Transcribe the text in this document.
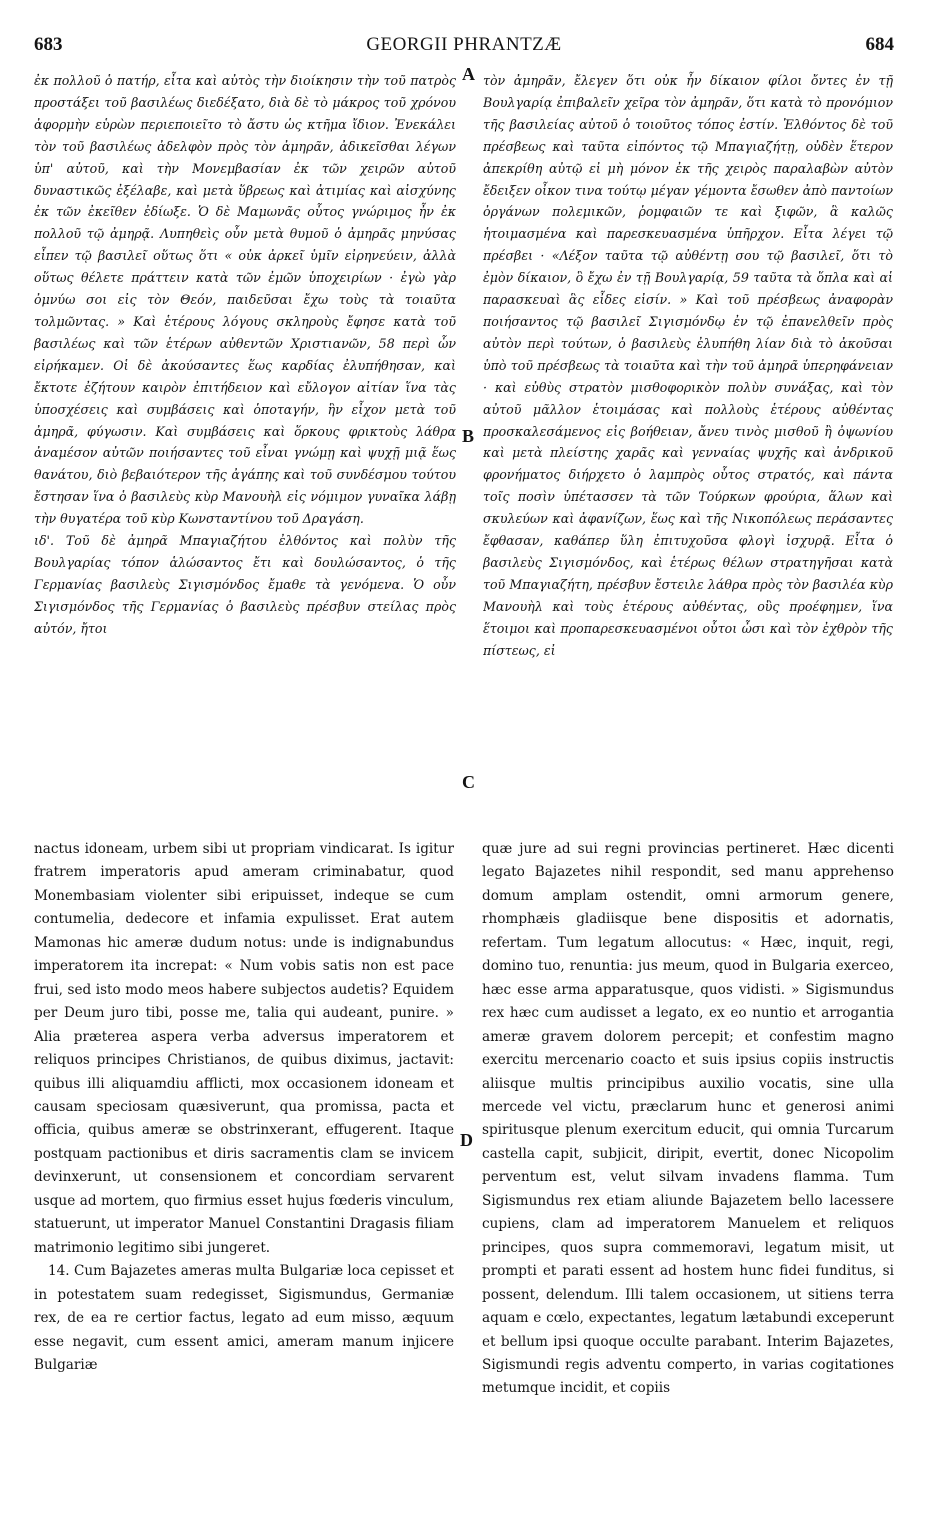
683	GEORGII PHRANTZÆ	684

ἐκ πολλοῦ ὁ πατήρ, εἶτα καὶ αὐτὸς τὴν διοίκησιν τὴν τοῦ πατρὸς προστάξει τοῦ βασιλέως διεδέξατο, διὰ δὲ τὸ μάκρος τοῦ χρόνου ἀφορμὴν εὑρὼν περιεποιεῖτο τὸ ἄστυ ὡς κτῆμα ἴδιον. Ἐνεκάλει τὸν τοῦ βασιλέως ἀδελφὸν πρὸς τὸν ἀμηρᾶν, ἀδικεῖσθαι λέγων ὑπ' αὐτοῦ, καὶ τὴν Μονεμβασίαν ἐκ τῶν χειρῶν αὐτοῦ δυναστικῶς ἐξέλαβε, καὶ μετὰ ὕβρεως καὶ ἀτιμίας καὶ αἰσχύνης ἐκ τῶν ἐκεῖθεν ἐδίωξε. Ὁ δὲ Μαμωνᾶς οὗτος γνώριμος ἦν ἐκ πολλοῦ τῷ ἀμηρᾷ. Λυπηθεὶς οὖν μετὰ θυμοῦ ὁ ἀμηρᾶς μηνύσας εἶπεν τῷ βασιλεῖ οὕτως ὅτι « οὐκ ἀρκεῖ ὑμῖν εἰρηνεύειν, ἀλλὰ οὕτως θέλετε πράττειν κατὰ τῶν ἐμῶν ὑποχειρίων · ἐγὼ γὰρ ὀμνύω σοι εἰς τὸν Θεόν, παιδεῦσαι ἔχω τοὺς τὰ τοιαῦτα τολμῶντας. » Καὶ ἑτέρους λόγους σκληροὺς ἔφησε κατὰ τοῦ βασιλέως καὶ τῶν ἑτέρων αὐθεντῶν Χριστιανῶν, 58 περὶ ὧν εἰρήκαμεν. Οἱ δὲ ἀκούσαντες ἕως καρδίας ἐλυπήθησαν, καὶ ἔκτοτε ἐζήτουν καιρὸν ἐπιτήδειον καὶ εὔλογον αἰτίαν ἵνα τὰς ὑποσχέσεις καὶ συμβάσεις καὶ ὁποταγήν, ἣν εἶχον μετὰ τοῦ ἀμηρᾶ, φύγωσιν. Καὶ συμβάσεις καὶ ὅρκους φρικτοὺς λάθρα ἀναμέσον αὐτῶν ποιήσαντες τοῦ εἶναι γνώμῃ καὶ ψυχῇ μιᾷ ἕως θανάτου, διὸ βεβαιότερον τῆς ἀγάπης καὶ τοῦ συνδέσμου τούτου ἔστησαν ἵνα ὁ βασιλεὺς κὺρ Μανουὴλ εἰς νόμιμον γυναῖκα λάβῃ τὴν θυγατέρα τοῦ κὺρ Κωνσταντίνου τοῦ Δραγάση.

ιδ'. Τοῦ δὲ ἀμηρᾶ Μπαγιαζήτου ἐλθόντος καὶ πολὺν τῆς Βουλγαρίας τόπον ἁλώσαντος ἔτι καὶ δουλώσαντος, ὁ τῆς Γερμανίας βασιλεὺς Σιγισμόνδος ἔμαθε τὰ γενόμενα. Ὁ οὖν Σιγισμόνδος τῆς Γερμανίας ὁ βασιλεὺς πρέσβυν στείλας πρὸς αὐτόν, ἤτοι

τὸν ἀμηρᾶν, ἔλεγεν ὅτι οὐκ ἦν δίκαιον φίλοι ὄντες ἐν τῇ Βουλγαρίᾳ ἐπιβαλεῖν χεῖρα τὸν ἀμηρᾶν, ὅτι κατὰ τὸ προνόμιον τῆς βασιλείας αὐτοῦ ὁ τοιοῦτος τόπος ἐστίν. Ἐλθόντος δὲ τοῦ πρέσβεως καὶ ταῦτα εἰπόντος τῷ Μπαγιαζήτῃ, οὐδὲν ἕτερον ἀπεκρίθη αὐτῷ εἰ μὴ μόνον ἐκ τῆς χειρὸς παραλαβὼν αὐτὸν ἔδειξεν οἶκον τινα τούτῳ μέγαν γέμοντα ἔσωθεν ἀπὸ παντοίων ὀργάνων πολεμικῶν, ῥομφαιῶν τε καὶ ξιφῶν, ἃ καλῶς ἡτοιμασμένα καὶ παρεσκευασμένα ὑπῆρχον. Εἶτα λέγει τῷ πρέσβει · «Λέξον ταῦτα τῷ αὐθέντῃ σου τῷ βασιλεῖ, ὅτι τὸ ἐμὸν δίκαιον, ὃ ἔχω ἐν τῇ Βουλγαρίᾳ, 59 ταῦτα τὰ ὅπλα καὶ αἱ παρασκευαὶ ἃς εἶδες εἰσίν. » Καὶ τοῦ πρέσβεως ἀναφορὰν ποιήσαντος τῷ βασιλεῖ Σιγισμόνδῳ ἐν τῷ ἐπανελθεῖν πρὸς αὐτὸν περὶ τούτων, ὁ βασιλεὺς ἐλυπήθη λίαν διὰ τὸ ἀκοῦσαι ὑπὸ τοῦ πρέσβεως τὰ τοιαῦτα καὶ τὴν τοῦ ἀμηρᾶ ὑπερηφάνειαν · καὶ εὐθὺς στρατὸν μισθοφορικὸν πολὺν συνάξας, καὶ τὸν αὐτοῦ μᾶλλον ἑτοιμάσας καὶ πολλοὺς ἑτέρους αὐθέντας προσκαλεσάμενος εἰς βοήθειαν, ἄνευ τινὸς μισθοῦ ἢ ὀψωνίου καὶ μετὰ πλείστης χαρᾶς καὶ γενναίας ψυχῆς καὶ ἀνδρικοῦ φρονήματος διήρχετο ὁ λαμπρὸς οὗτος στρατός, καὶ πάντα τοῖς ποσὶν ὑπέτασσεν τὰ τῶν Τούρκων φρούρια, ἅλων καὶ σκυλεύων καὶ ἀφανίζων, ἕως καὶ τῆς Νικοπόλεως περάσαντες ἔφθασαν, καθάπερ ὕλη ἐπιτυχοῦσα φλογὶ ἰσχυρᾷ. Εἶτα ὁ βασιλεὺς Σιγισμόνδος, καὶ ἑτέρως θέλων στρατηγῆσαι κατὰ τοῦ Μπαγιαζήτη, πρέσβυν ἔστειλε λάθρα πρὸς τὸν βασιλέα κὺρ Μανουὴλ καὶ τοὺς ἑτέρους αὐθέντας, οὓς προέφημεν, ἵνα ἕτοιμοι καὶ προπαρεσκευασμένοι οὗτοι ὦσι καὶ τὸν ἐχθρὸν τῆς πίστεως, εἰ

A
B
C
D

nactus idoneam, urbem sibi ut propriam vindicarat. Is igitur fratrem imperatoris apud ameram criminabatur, quod Monembasiam violenter sibi eripuisset, indeque se cum contumelia, dedecore et infamia expulisset. Erat autem Mamonas hic ameræ dudum notus: unde is indignabundus imperatorem ita increpat: « Num vobis satis non est pace frui, sed isto modo meos habere subjectos audetis? Equidem per Deum juro tibi, posse me, talia qui audeant, punire. » Alia præterea aspera verba adversus imperatorem et reliquos principes Christianos, de quibus diximus, jactavit: quibus illi aliquamdiu afflicti, mox occasionem idoneam et causam speciosam quæsiverunt, qua promissa, pacta et officia, quibus ameræ se obstrinxerant, effugerent. Itaque postquam pactionibus et diris sacramentis clam se invicem devinxerunt, ut consensionem et concordiam servarent usque ad mortem, quo firmius esset hujus fœderis vinculum, statuerunt, ut imperator Manuel Constantini Dragasis filiam matrimonio legitimo sibi jungeret.

14. Cum Bajazetes ameras multa Bulgariæ loca cepisset et in potestatem suam redegisset, Sigismundus, Germaniæ rex, de ea re certior factus, legato ad eum misso, æquum esse negavit, cum essent amici, ameram manum injicere Bulgariæ

quæ jure ad sui regni provincias pertineret. Hæc dicenti legato Bajazetes nihil respondit, sed manu apprehenso domum amplam ostendit, omni armorum genere, rhomphæis gladiisque bene dispositis et adornatis, refertam. Tum legatum allocutus: « Hæc, inquit, regi, domino tuo, renuntia: jus meum, quod in Bulgaria exerceo, hæc esse arma apparatusque, quos vidisti. » Sigismundus rex hæc cum audisset a legato, ex eo nuntio et arrogantia ameræ gravem dolorem percepit; et confestim magno exercitu mercenario coacto et suis ipsius copiis instructis aliisque multis principibus auxilio vocatis, sine ulla mercede vel victu, præclarum hunc et generosi animi spiritusque plenum exercitum educit, qui omnia Turcarum castella capit, subjicit, diripit, evertit, donec Nicopolim perventum est, velut silvam invadens flamma. Tum Sigismundus rex etiam aliunde Bajazetem bello lacessere cupiens, clam ad imperatorem Manuelem et reliquos principes, quos supra commemoravi, legatum misit, ut prompti et parati essent ad hostem hunc fidei funditus, si possent, delendum. Illi talem occasionem, ut sitiens terra aquam e cœlo, expectantes, legatum lætabundi exceperunt et bellum ipsi quoque occulte parabant. Interim Bajazetes, Sigismundi regis adventu comperto, in varias cogitationes metumque incidit, et copiis
